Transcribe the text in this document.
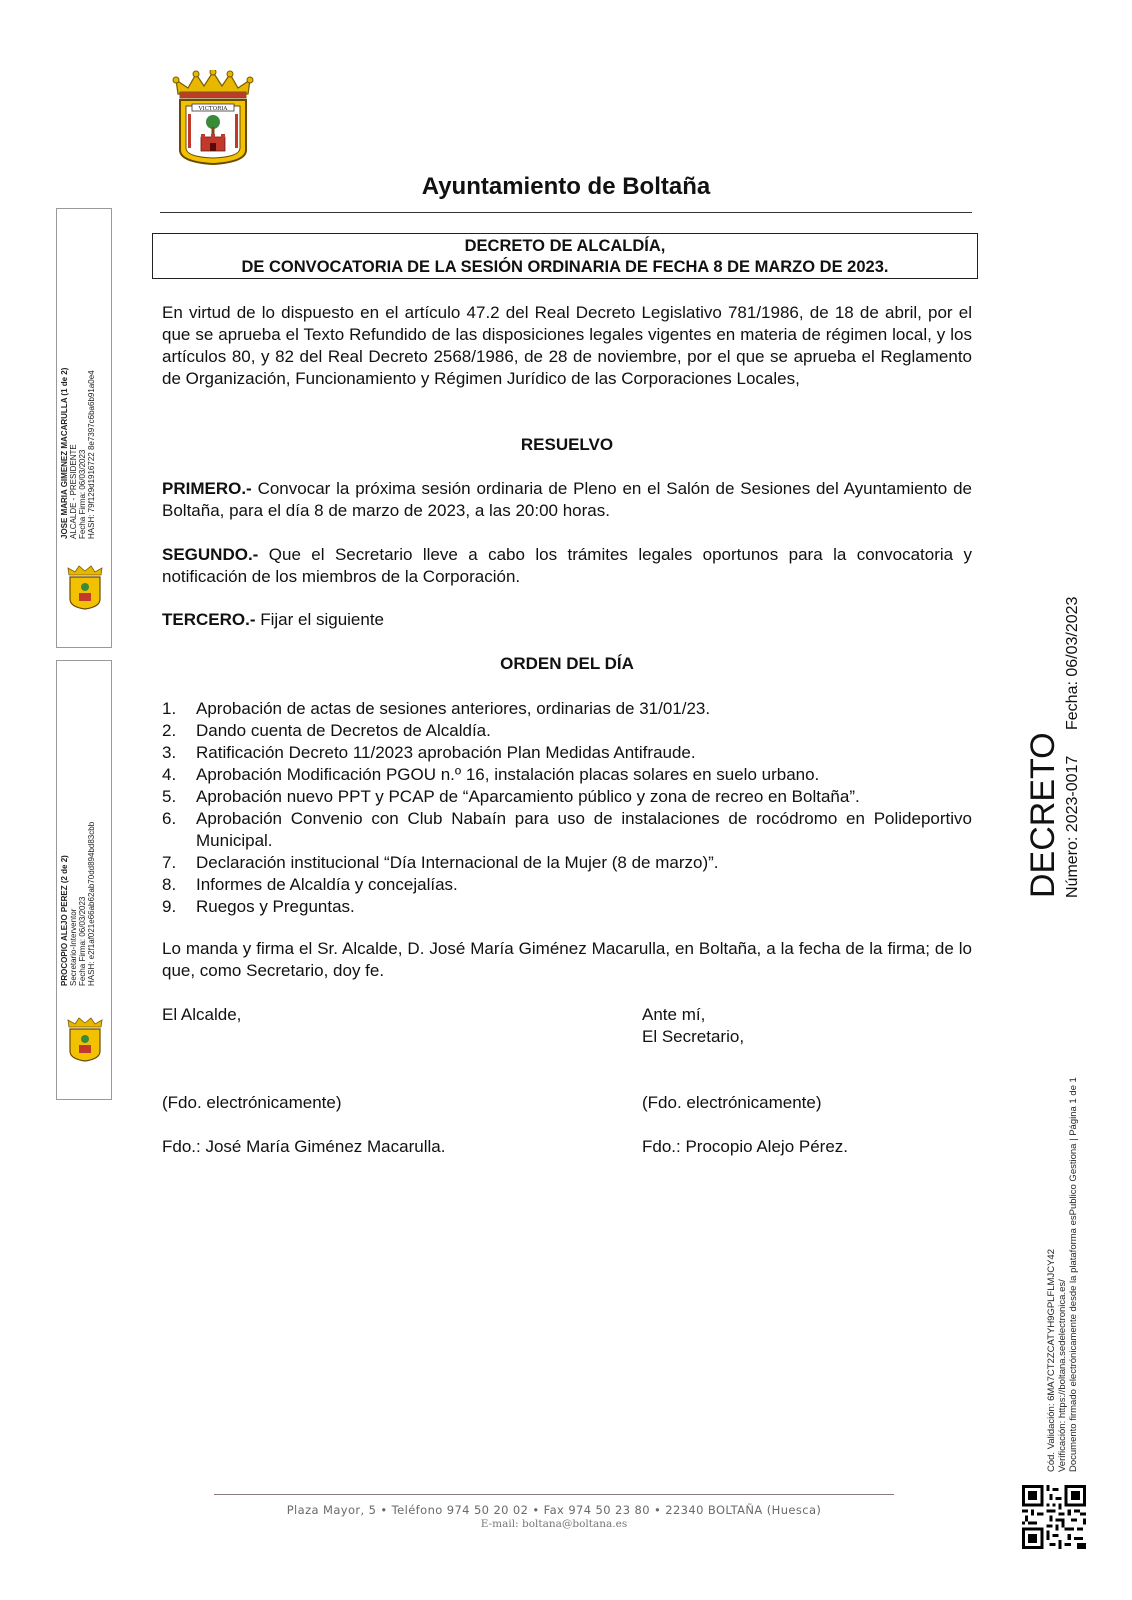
VICTORIA
Ayuntamiento de Boltaña
DECRETO DE ALCALDÍA,
DE CONVOCATORIA DE LA SESIÓN ORDINARIA DE FECHA 8 DE MARZO DE 2023.
En virtud de lo dispuesto en el artículo 47.2 del Real Decreto Legislativo 781/1986, de 18 de abril, por el que se aprueba el Texto Refundido de las disposiciones legales vigentes en materia de régimen local, y los artículos 80, y 82 del Real Decreto 2568/1986, de 28 de noviembre, por el que se aprueba el Reglamento de Organización, Funcionamiento y Régimen Jurídico de las Corporaciones Locales,
RESUELVO
PRIMERO.- Convocar la próxima sesión ordinaria de Pleno en el Salón de Sesiones del Ayuntamiento de Boltaña, para el día 8 de marzo de 2023, a las 20:00 horas.
SEGUNDO.- Que el Secretario lleve a cabo los trámites legales oportunos para la convocatoria y notificación de los miembros de la Corporación.
TERCERO.- Fijar el siguiente
ORDEN DEL DÍA
1.	Aprobación de actas de sesiones anteriores, ordinarias de 31/01/23.
2.	Dando cuenta de Decretos de Alcaldía.
3.	Ratificación Decreto 11/2023 aprobación Plan Medidas Antifraude.
4.	Aprobación Modificación PGOU n.º 16, instalación placas solares en suelo urbano.
5.	Aprobación nuevo PPT y PCAP de “Aparcamiento público y zona de recreo en Boltaña”.
6.	Aprobación Convenio con Club Nabaín para uso de instalaciones de rocódromo en Polideportivo Municipal.
7.	Declaración institucional “Día Internacional de la Mujer (8 de marzo)”.
8.	Informes de Alcaldía y concejalías.
9.	Ruegos y Preguntas.
Lo manda y firma el Sr. Alcalde, D. José María Giménez Macarulla, en Boltaña, a la fecha de la firma; de lo que, como Secretario, doy fe.
El Alcalde,	Ante mí,
El Secretario,
(Fdo. electrónicamente)	(Fdo. electrónicamente)
Fdo.: José María Giménez Macarulla.	Fdo.: Procopio Alejo Pérez.
JOSE MARIA GIMENEZ MACARULLA (1 de 2) ALCALDE - PRESIDENTE Fecha Firma: 06/03/2023 HASH: 79f129d1916722 8e7397c6ba6b91a0e4
PROCOPIO ALEJO PEREZ (2 de 2) Secretario-Interventor Fecha Firma: 06/03/2023 HASH: e2f1af021e66ab62ab70dd894bd83cbb
DECRETO Número: 2023-0017
Fecha: 06/03/2023
Cód. Validación: 6MA7CT2ZCATYH9GPLFLMJCY42 Verificación: https://boltana.sedelectronica.es/ Documento firmado electrónicamente desde la plataforma esPublico Gestiona | Página 1 de 1
Plaza Mayor, 5 • Teléfono 974 50 20 02 • Fax 974 50 23 80 • 22340 BOLTAÑA (Huesca)
E-mail: boltana@boltana.es
